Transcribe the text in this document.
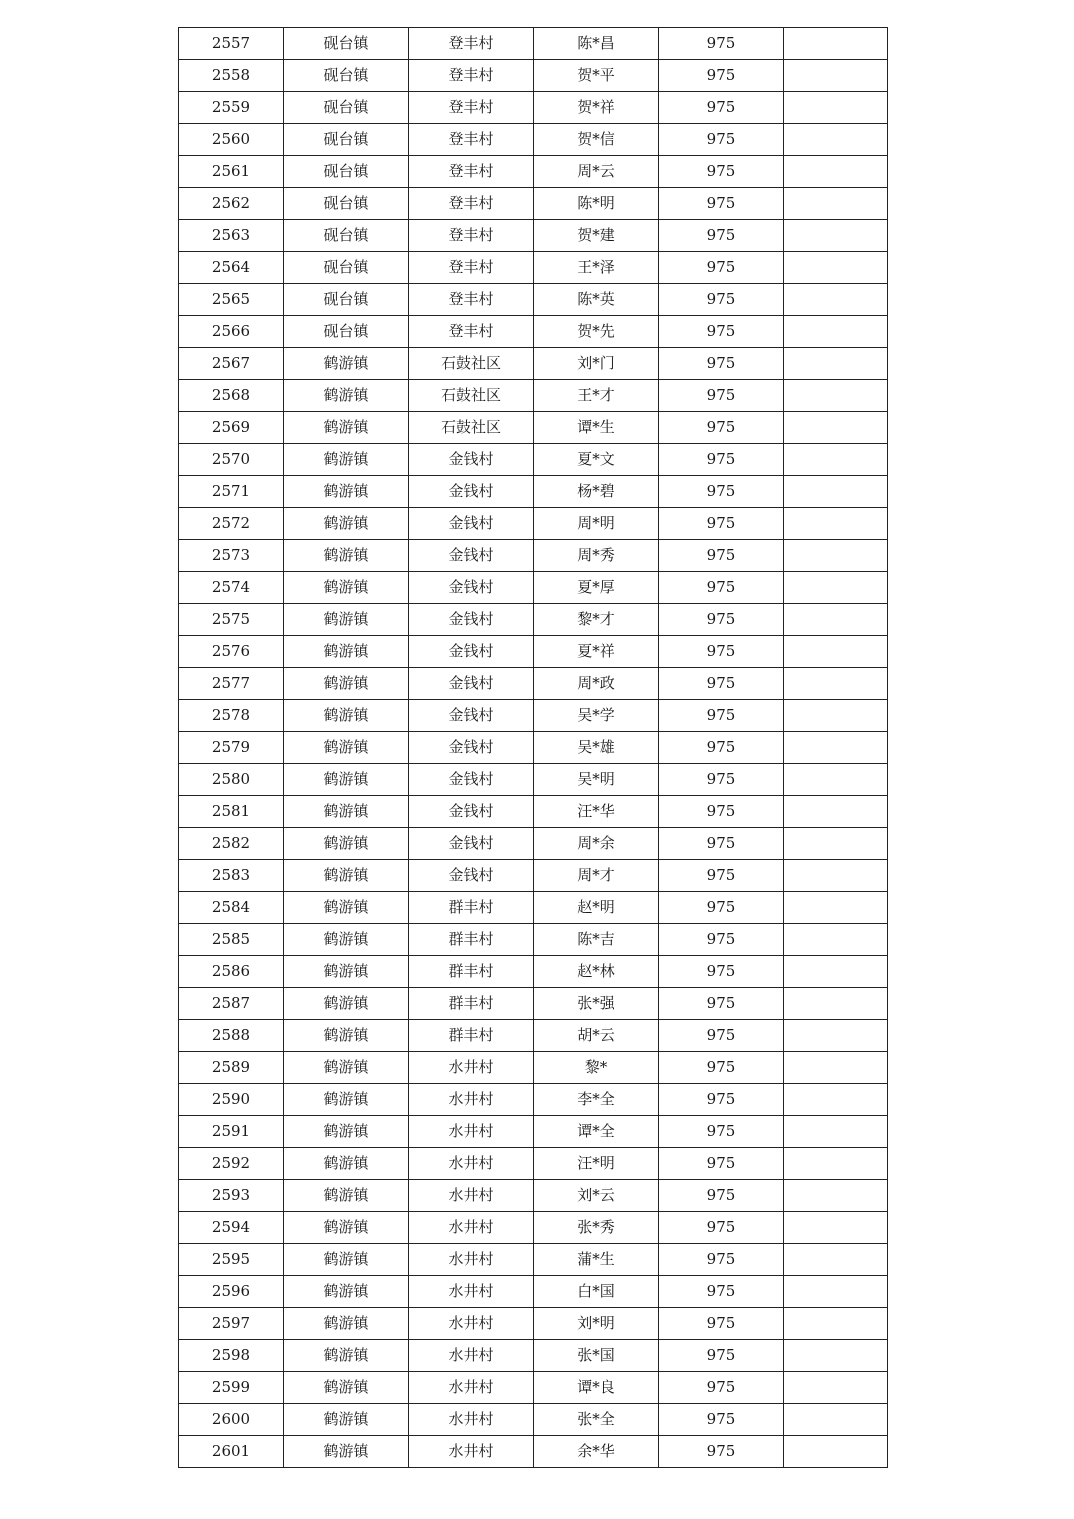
2557	砚台镇	登丰村	陈*昌	975	
2558	砚台镇	登丰村	贺*平	975	
2559	砚台镇	登丰村	贺*祥	975	
2560	砚台镇	登丰村	贺*信	975	
2561	砚台镇	登丰村	周*云	975	
2562	砚台镇	登丰村	陈*明	975	
2563	砚台镇	登丰村	贺*建	975	
2564	砚台镇	登丰村	王*泽	975	
2565	砚台镇	登丰村	陈*英	975	
2566	砚台镇	登丰村	贺*先	975	
2567	鹤游镇	石鼓社区	刘*门	975	
2568	鹤游镇	石鼓社区	王*才	975	
2569	鹤游镇	石鼓社区	谭*生	975	
2570	鹤游镇	金钱村	夏*文	975	
2571	鹤游镇	金钱村	杨*碧	975	
2572	鹤游镇	金钱村	周*明	975	
2573	鹤游镇	金钱村	周*秀	975	
2574	鹤游镇	金钱村	夏*厚	975	
2575	鹤游镇	金钱村	黎*才	975	
2576	鹤游镇	金钱村	夏*祥	975	
2577	鹤游镇	金钱村	周*政	975	
2578	鹤游镇	金钱村	吴*学	975	
2579	鹤游镇	金钱村	吴*雄	975	
2580	鹤游镇	金钱村	吴*明	975	
2581	鹤游镇	金钱村	汪*华	975	
2582	鹤游镇	金钱村	周*余	975	
2583	鹤游镇	金钱村	周*才	975	
2584	鹤游镇	群丰村	赵*明	975	
2585	鹤游镇	群丰村	陈*吉	975	
2586	鹤游镇	群丰村	赵*林	975	
2587	鹤游镇	群丰村	张*强	975	
2588	鹤游镇	群丰村	胡*云	975	
2589	鹤游镇	水井村	黎*	975	
2590	鹤游镇	水井村	李*全	975	
2591	鹤游镇	水井村	谭*全	975	
2592	鹤游镇	水井村	汪*明	975	
2593	鹤游镇	水井村	刘*云	975	
2594	鹤游镇	水井村	张*秀	975	
2595	鹤游镇	水井村	蒲*生	975	
2596	鹤游镇	水井村	白*国	975	
2597	鹤游镇	水井村	刘*明	975	
2598	鹤游镇	水井村	张*国	975	
2599	鹤游镇	水井村	谭*良	975	
2600	鹤游镇	水井村	张*全	975	
2601	鹤游镇	水井村	余*华	975	
